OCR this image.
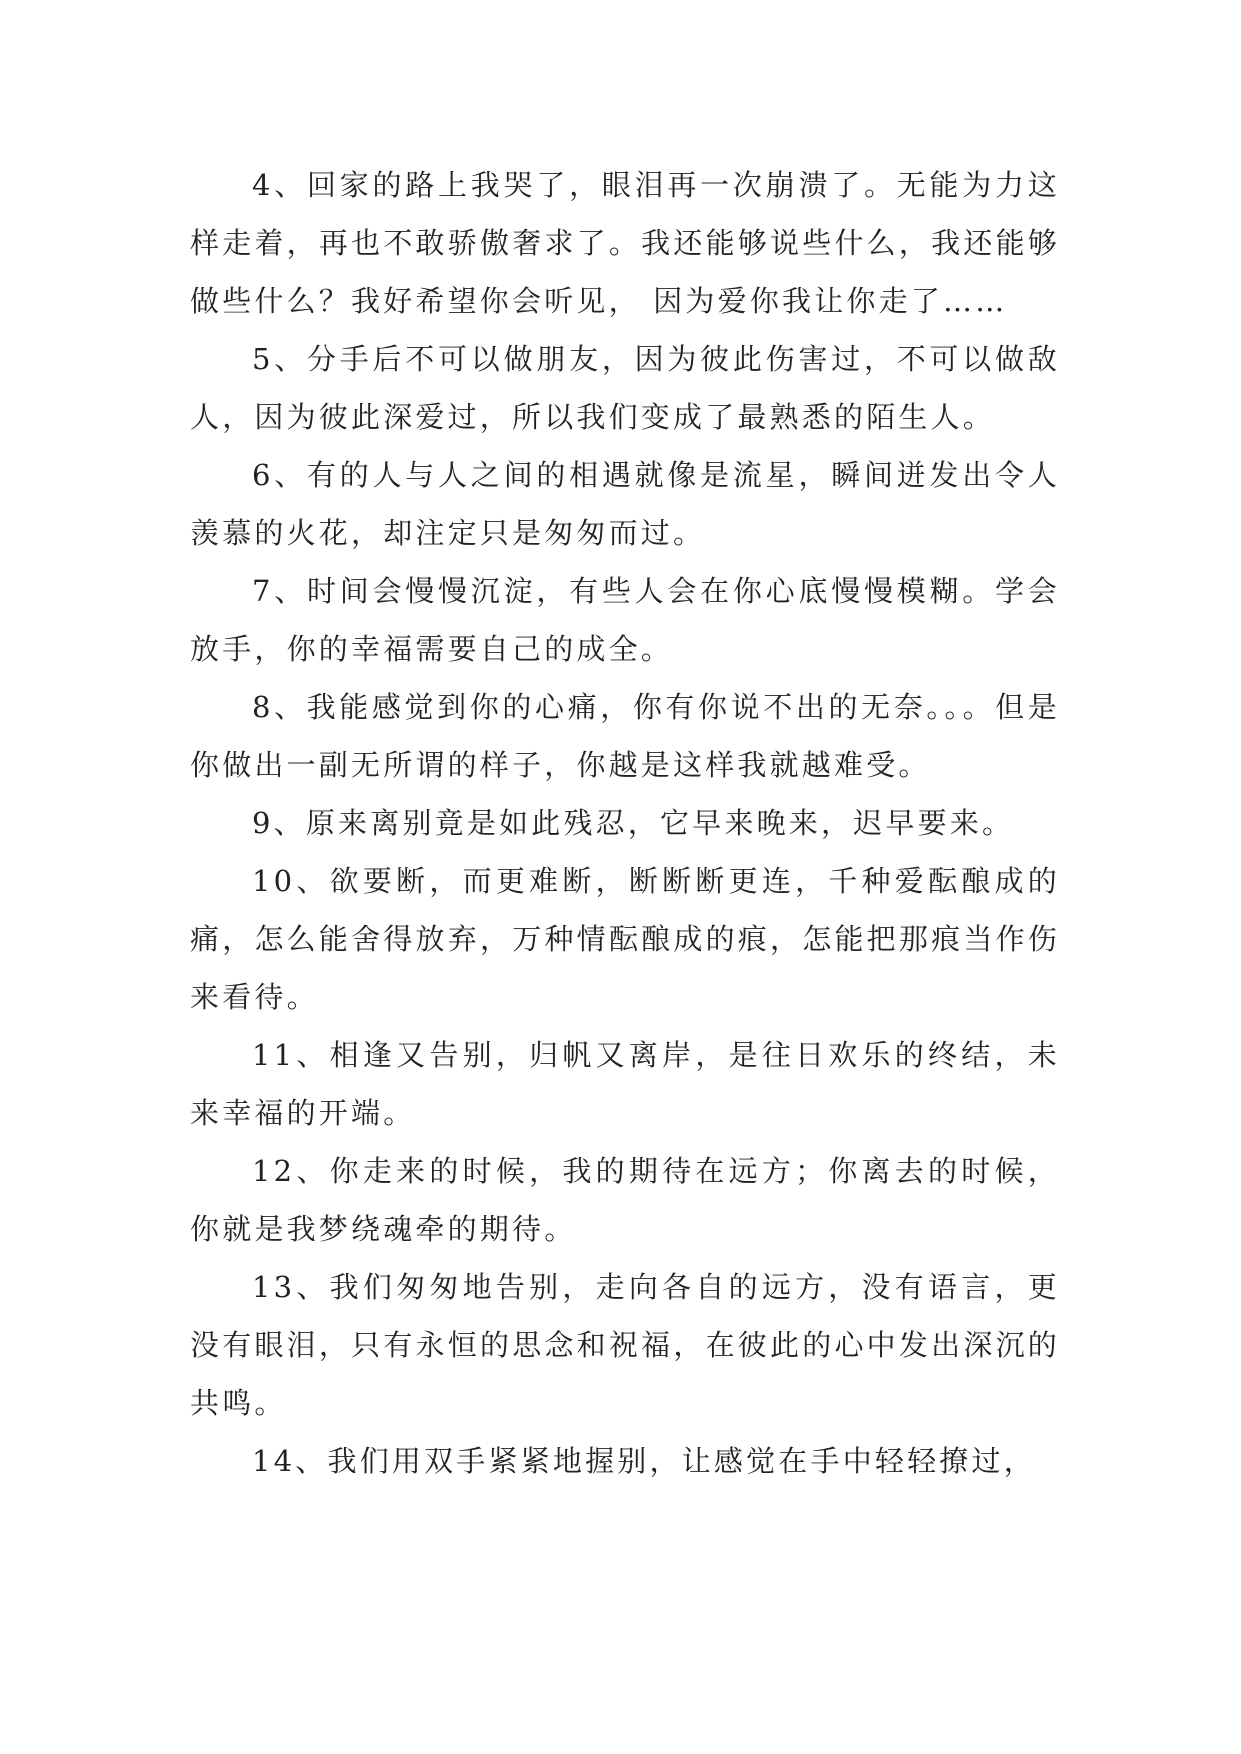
4、回家的路上我哭了，眼泪再一次崩溃了。无能为力这样走着，再也不敢骄傲奢求了。我还能够说些什么，我还能够做些什么？我好希望你会听见， 因为爱你我让你走了……

5、分手后不可以做朋友，因为彼此伤害过，不可以做敌人，因为彼此深爱过，所以我们变成了最熟悉的陌生人。

6、有的人与人之间的相遇就像是流星，瞬间迸发出令人羡慕的火花，却注定只是匆匆而过。

7、时间会慢慢沉淀，有些人会在你心底慢慢模糊。学会放手，你的幸福需要自己的成全。

8、我能感觉到你的心痛，你有你说不出的无奈。。。但是你做出一副无所谓的样子，你越是这样我就越难受。

9、原来离别竟是如此残忍，它早来晚来，迟早要来。

10、欲要断，而更难断，断断断更连，千种爱酝酿成的痛，怎么能舍得放弃，万种情酝酿成的痕，怎能把那痕当作伤来看待。

11、相逢又告别，归帆又离岸，是往日欢乐的终结，未来幸福的开端。

12、你走来的时候，我的期待在远方；你离去的时候，你就是我梦绕魂牵的期待。

13、我们匆匆地告别，走向各自的远方，没有语言，更没有眼泪，只有永恒的思念和祝福，在彼此的心中发出深沉的共鸣。

14、我们用双手紧紧地握别，让感觉在手中轻轻撩过，
